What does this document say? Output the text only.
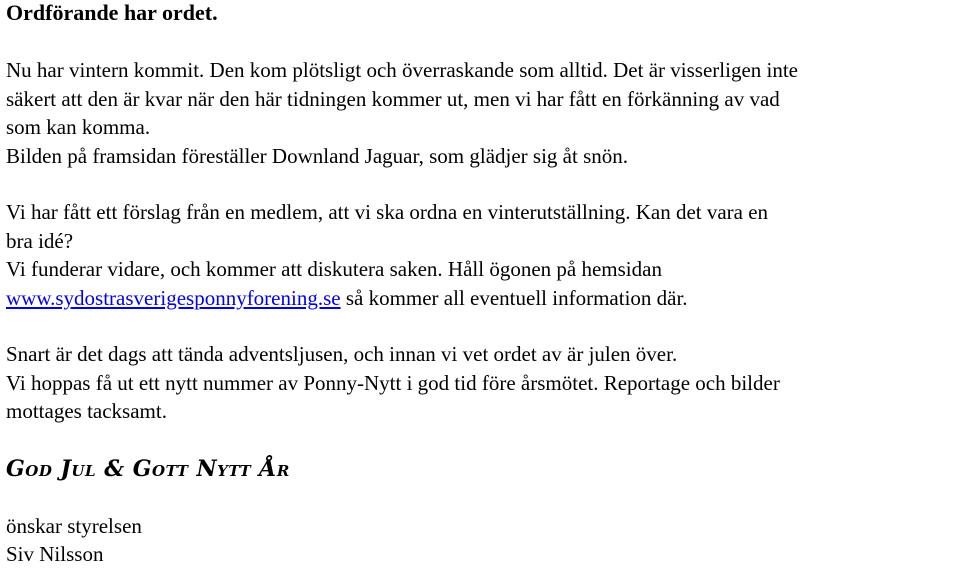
Ordförande har ordet.
Nu har vintern kommit. Den kom plötsligt och överraskande som alltid. Det är visserligen inte
säkert att den är kvar när den här tidningen kommer ut, men vi har fått en förkänning av vad
som kan komma.
Bilden på framsidan föreställer Downland Jaguar, som glädjer sig åt snön.
Vi har fått ett förslag från en medlem, att vi ska ordna en vinterutställning. Kan det vara en
bra idé?
Vi funderar vidare, och kommer att diskutera saken. Håll ögonen på hemsidan
www.sydostrasverigesponnyforening.se så kommer all eventuell information där.
Snart är det dags att tända adventsljusen, och innan vi vet ordet av är julen över.
Vi hoppas få ut ett nytt nummer av Ponny-Nytt i god tid före årsmötet. Reportage och bilder
mottages tacksamt.
God Jul & Gott Nytt År
önskar styrelsen
Siv Nilsson
